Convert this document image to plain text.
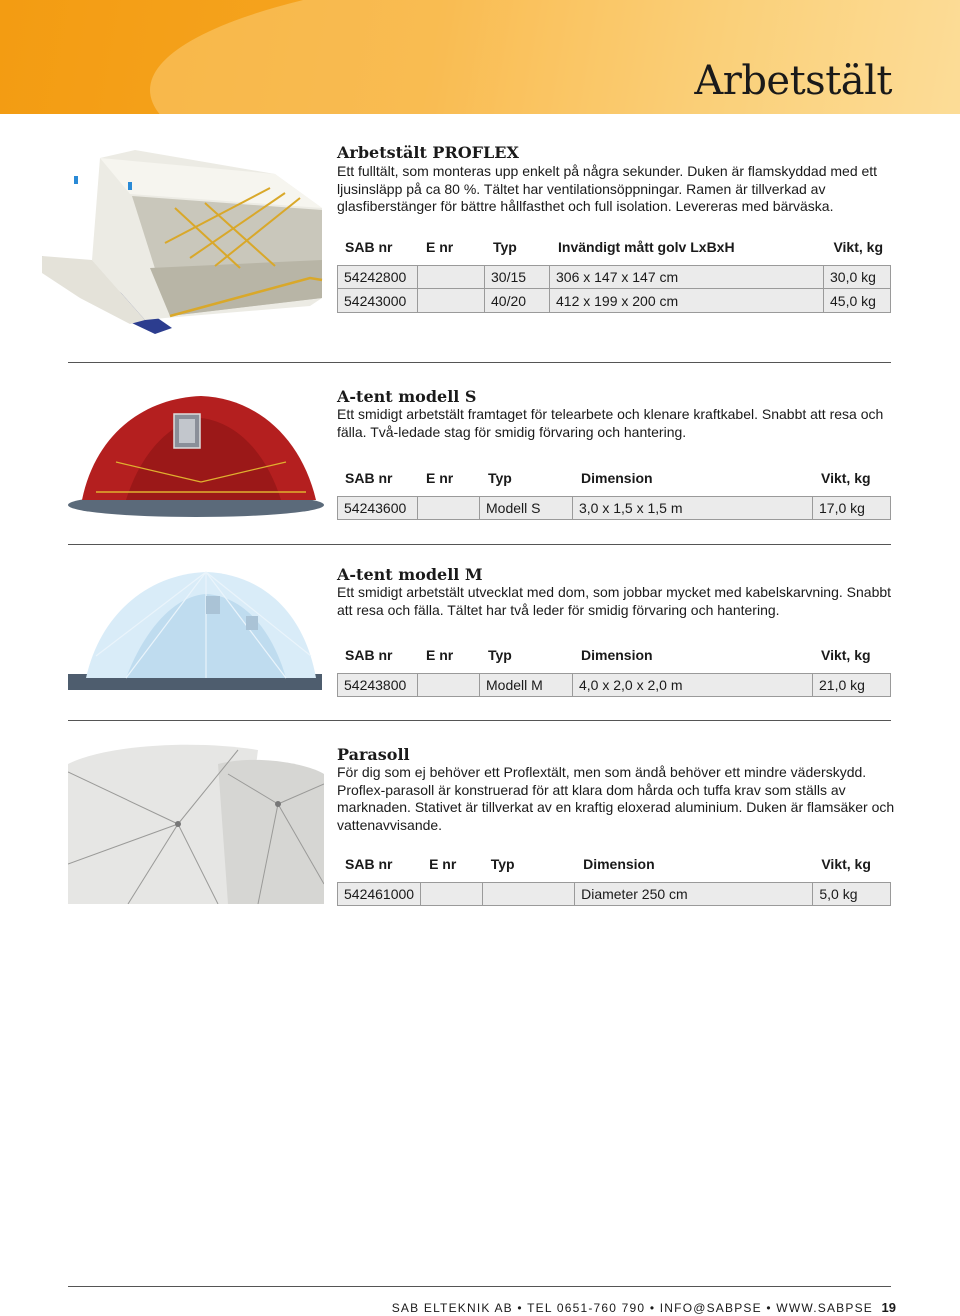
Arbetstält
Arbetstält PROFLEX
Ett fulltält, som monteras upp enkelt på några sekunder. Duken är flamskyddad med ett ljusinsläpp på ca 80 %. Tältet har ventilationsöppningar. Ramen är tillverkad av glasfiberstänger för bättre hållfasthet och full isolation. Levereras med bärväska.
SAB nr	E nr	Typ	Invändigt mått golv LxBxH	Vikt, kg

54242800		30/15	306 x 147 x 147 cm	30,0 kg
54243000		40/20	412 x 199 x 200 cm	45,0 kg
A-tent modell S
Ett smidigt arbetstält framtaget för telearbete och klenare kraftkabel. Snabbt att resa och fälla. Två-ledade stag för smidig förvaring och hantering.
SAB nr	E nr	Typ	Dimension	Vikt, kg

54243600		Modell S	3,0 x 1,5 x 1,5 m	17,0 kg
A-tent modell M
Ett smidigt arbetstält utvecklat med dom, som jobbar mycket med kabelskarvning. Snabbt att resa och fälla. Tältet har två leder för smidig förvaring och hantering.
SAB nr	E nr	Typ	Dimension	Vikt, kg

54243800		Modell M	4,0 x 2,0 x 2,0 m	21,0 kg
Parasoll
För dig som ej behöver ett Proflextält, men som ändå behöver ett mindre väderskydd. Proflex-parasoll är konstruerad för att klara dom hårda och tuffa krav som ställs av marknaden. Stativet är tillverkat av en kraftig eloxerad aluminium. Duken är flamsäker och vattenavvisande.
SAB nr	E nr	Typ	Dimension	Vikt, kg

542461000			Diameter 250 cm	5,0 kg
SAB ELTEKNIK AB • TEL 0651-760 790 • INFO@SABPSE • WWW.SABPSE 19
